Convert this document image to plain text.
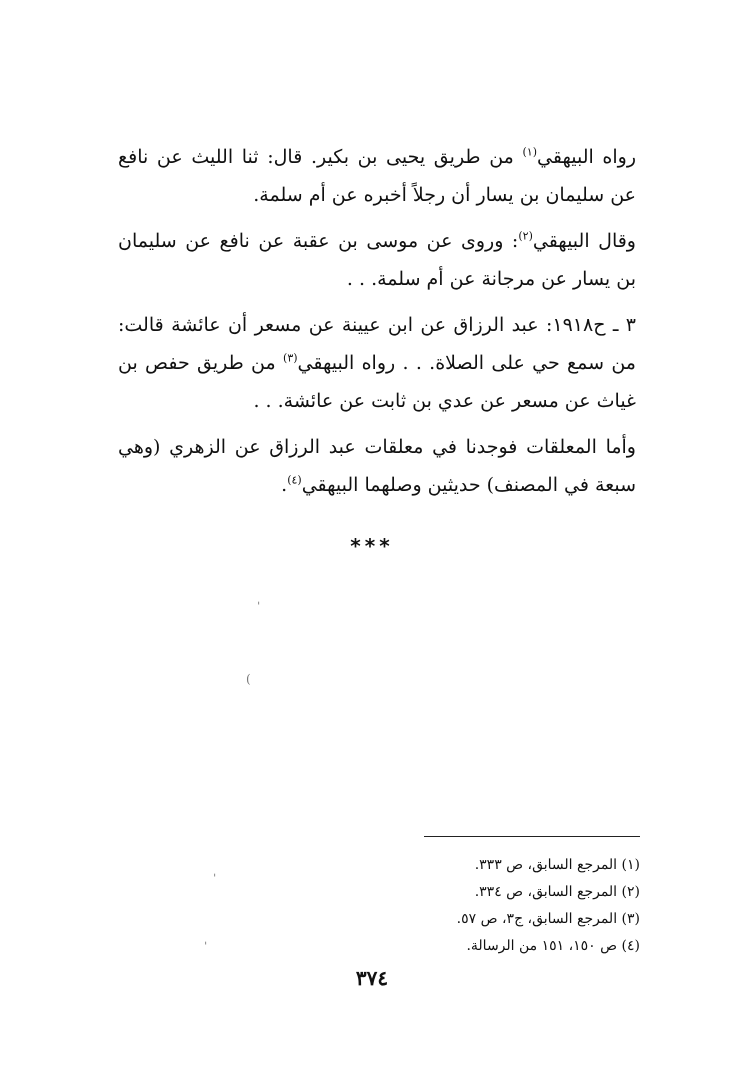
رواه البيهقي$^{(١)}$ من طريق يحيى بن بكير. قال: ثنا الليث عن نافع عن سليمان بن يسار أن رجلاً أخبره عن أم سلمة.

وقال البيهقي$^{(٢)}$: وروى عن موسى بن عقبة عن نافع عن سليمان بن يسار عن مرجانة عن أم سلمة. . .

٣ ـ ح١٩١٨: عبد الرزاق عن ابن عيينة عن مسعر أن عائشة قالت: من سمع حي على الصلاة. . . رواه البيهقي$^{(٣)}$ من طريق حفص بن غياث عن مسعر عن عدي بن ثابت عن عائشة. . .

وأما المعلقات فوجدنا في معلقات عبد الرزاق عن الزهري (وهي سبعة في المصنف) حديثين وصلهما البيهقي$^{(٤)}$.

***
ˈ
(
ˈ
ˈ
(١) المرجع السابق، ص ٣٣٣.
(٢) المرجع السابق، ص ٣٣٤.
(٣) المرجع السابق، ج٣، ص ٥٧.
(٤) ص ١٥٠، ١٥١ من الرسالة.
٣٧٤
